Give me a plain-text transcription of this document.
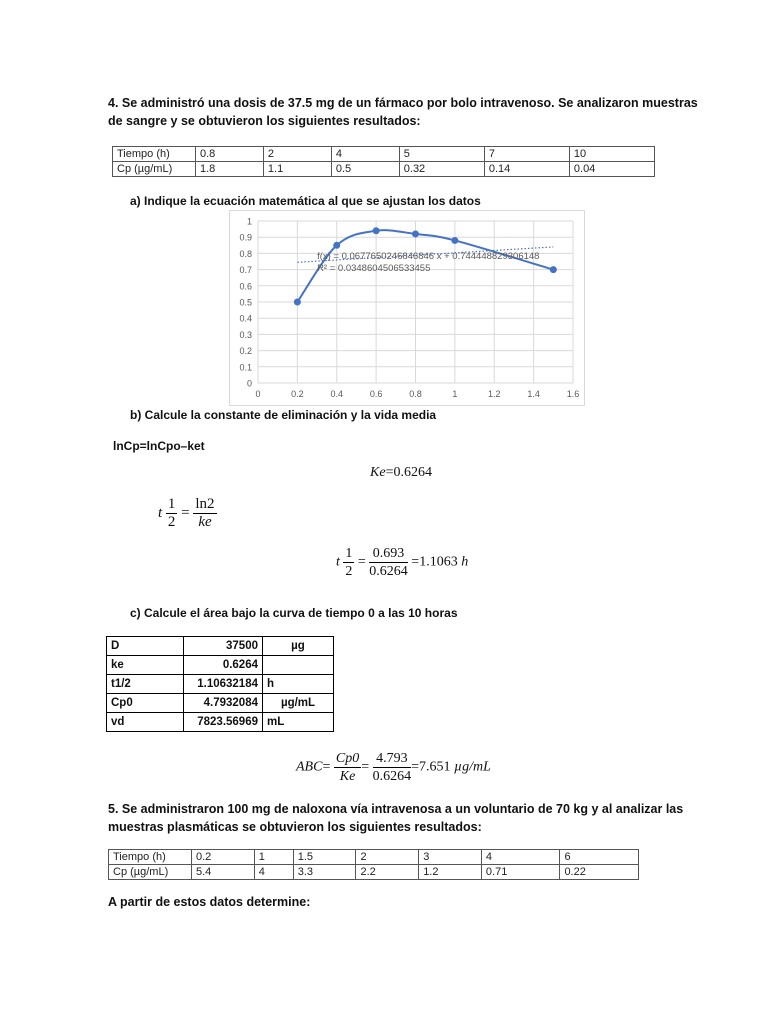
4. Se administró una dosis de 37.5 mg de un fármaco por bolo intravenoso. Se analizaron muestras
de sangre y se obtuvieron los siguientes resultados:
Tiempo (h)	0.8	2	4	5	7	10
Cp (µg/mL)	1.8	1.1	0.5	0.32	0.14	0.04
a) Indique la ecuación matemática al que se ajustan los datos
0
0.1
0.2
0.3
0.4
0.5
0.6
0.7
0.8
0.9
1
0	0.2	0.4	0.6	0.8	1	1.2	1.4	1.6
f(x) = 0.0677650246846846 x + 0.744448829306148
R² = 0.0348604506533455
b) Calcule la constante de eliminación y la vida media
lnCp=lnCpo–ket
Ke=0.6264
t $\frac{1}{2} = \frac{\ln 2}{ke}$
t $\frac{1}{2} = \frac{0.693}{0.6264} =1.1063$ h
c) Calcule el área bajo la curva de tiempo 0 a las 10 horas
D	37500	µg
ke	0.6264	
t1/2	1.10632184	h
Cp0	4.7932084	µg/mL
vd	7823.56969	mL
$ABC= \frac{Cp0}{Ke} = \frac{4.793}{0.6264} =7.651$ µg/mL
5. Se administraron 100 mg de naloxona vía intravenosa a un voluntario de 70 kg y al analizar las
muestras plasmáticas se obtuvieron los siguientes resultados:
Tiempo (h)	0.2	1	1.5	2	3	4	6
Cp (µg/mL)	5.4	4	3.3	2.2	1.2	0.71	0.22
A partir de estos datos determine:
